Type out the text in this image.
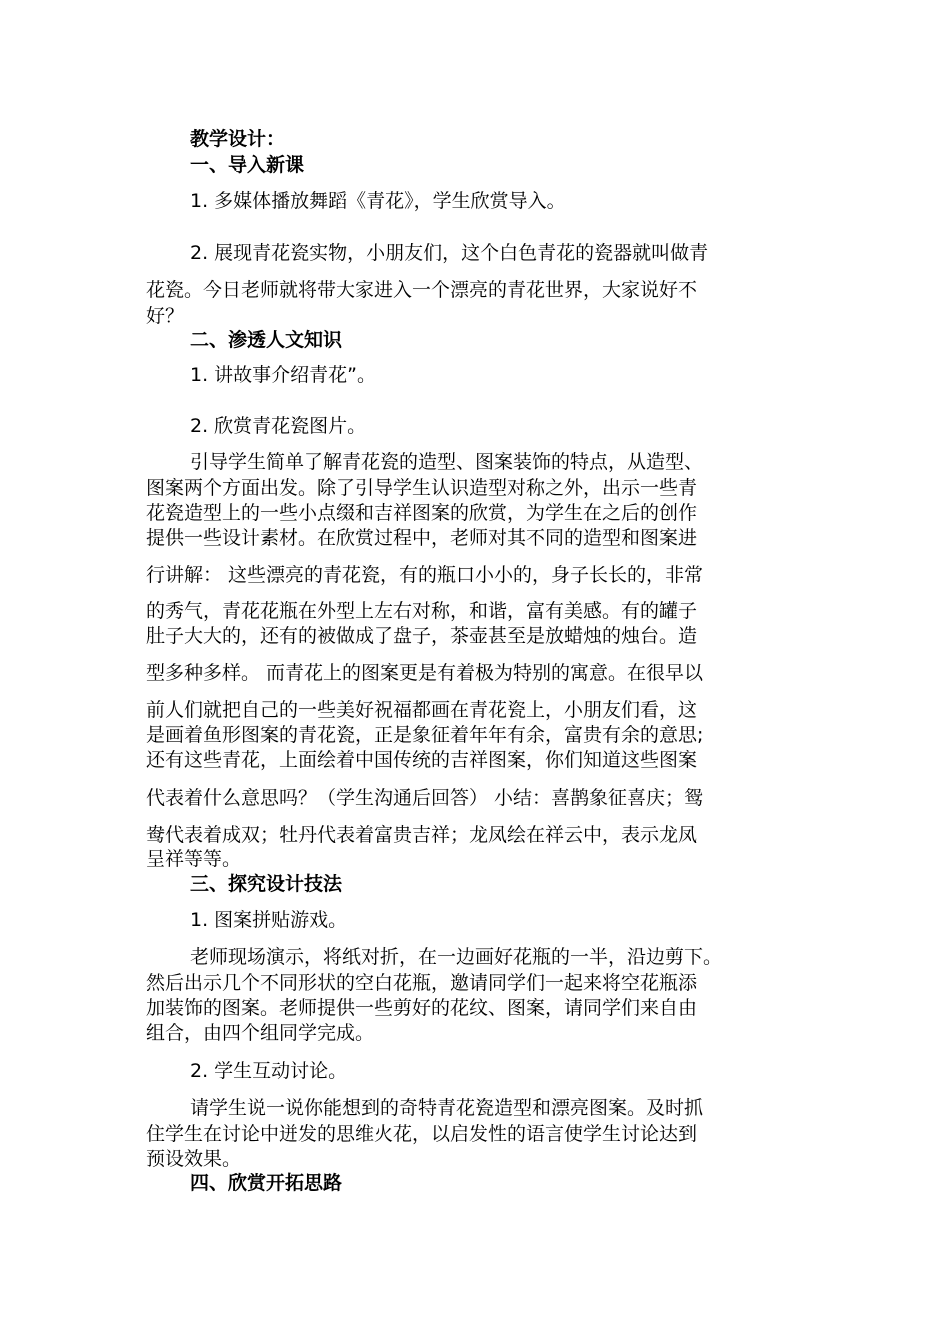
教学设计：
一、导入新课
1. 多媒体播放舞蹈《青花》，学生欣赏导入。
2. 展现青花瓷实物，小朋友们，这个白色青花的瓷器就叫做青
花瓷。今日老师就将带大家进入一个漂亮的青花世界，大家说好不
好？
二、渗透人文知识
1. 讲故事介绍青花”。
2. 欣赏青花瓷图片。
引导学生简单了解青花瓷的造型、图案装饰的特点，从造型、
图案两个方面出发。除了引导学生认识造型对称之外，出示一些青
花瓷造型上的一些小点缀和吉祥图案的欣赏，为学生在之后的创作
提供一些设计素材。在欣赏过程中，老师对其不同的造型和图案进
行讲解： 这些漂亮的青花瓷，有的瓶口小小的，身子长长的，非常
的秀气，青花花瓶在外型上左右对称，和谐，富有美感。有的罐子
肚子大大的，还有的被做成了盘子，茶壶甚至是放蜡烛的烛台。造
型多种多样。 而青花上的图案更是有着极为特别的寓意。在很早以
前人们就把自己的一些美好祝福都画在青花瓷上，小朋友们看，这
是画着鱼形图案的青花瓷，正是象征着年年有余，富贵有余的意思;
还有这些青花，上面绘着中国传统的吉祥图案，你们知道这些图案
代表着什么意思吗？（学生沟通后回答） 小结：喜鹊象征喜庆；鸳
鸯代表着成双；牡丹代表着富贵吉祥；龙凤绘在祥云中，表示龙凤
呈祥等等。
三、探究设计技法
1. 图案拼贴游戏。
老师现场演示，将纸对折，在一边画好花瓶的一半，沿边剪下。
然后出示几个不同形状的空白花瓶，邀请同学们一起来将空花瓶添
加装饰的图案。老师提供一些剪好的花纹、图案，请同学们来自由
组合，由四个组同学完成。
2. 学生互动讨论。
请学生说一说你能想到的奇特青花瓷造型和漂亮图案。及时抓
住学生在讨论中迸发的思维火花，以启发性的语言使学生讨论达到
预设效果。
四、欣赏开拓思路
